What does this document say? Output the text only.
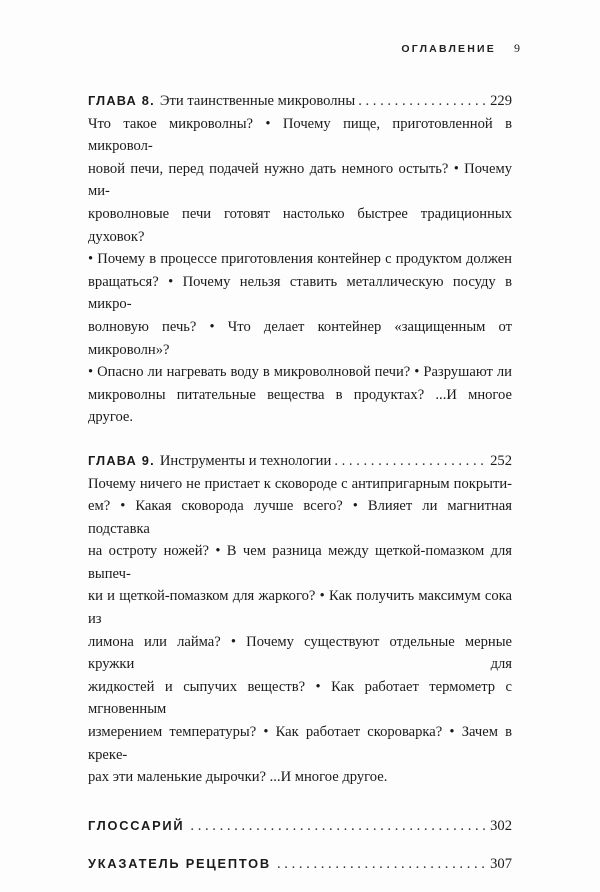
ОГЛАВЛЕНИЕ 9
ГЛАВА 8. Эти таинственные микроволны . . .	229

Что такое микроволны? • Почему пище, приготовленной в микровол-
новой печи, перед подачей нужно дать немного остыть? • Почему ми-
кроволновые печи готовят настолько быстрее традиционных духовок?
• Почему в процессе приготовления контейнер с продуктом должен
вращаться? • Почему нельзя ставить металлическую посуду в микро-
волновую печь? • Что делает контейнер «защищенным от микроволн»?
• Опасно ли нагревать воду в микроволновой печи? • Разрушают ли
микроволны питательные вещества в продуктах? ...И многое другое.

ГЛАВА 9. Инструменты и технологии . . .	252

Почему ничего не пристает к сковороде с антипригарным покрыти-
ем? • Какая сковорода лучше всего? • Влияет ли магнитная подставка
на остроту ножей? • В чем разница между щеткой-помазком для выпеч-
ки и щеткой-помазком для жаркого? • Как получить максимум сока из
лимона или лайма? • Почему существуют отдельные мерные кружки для
жидкостей и сыпучих веществ? • Как работает термометр с мгновенным
измерением температуры? • Как работает скороварка? • Зачем в крекe-
рах эти маленькие дырочки? ...И многое другое.

ГЛОССАРИЙ . . .	302
УКАЗАТЕЛЬ РЕЦЕПТОВ . . .	307
